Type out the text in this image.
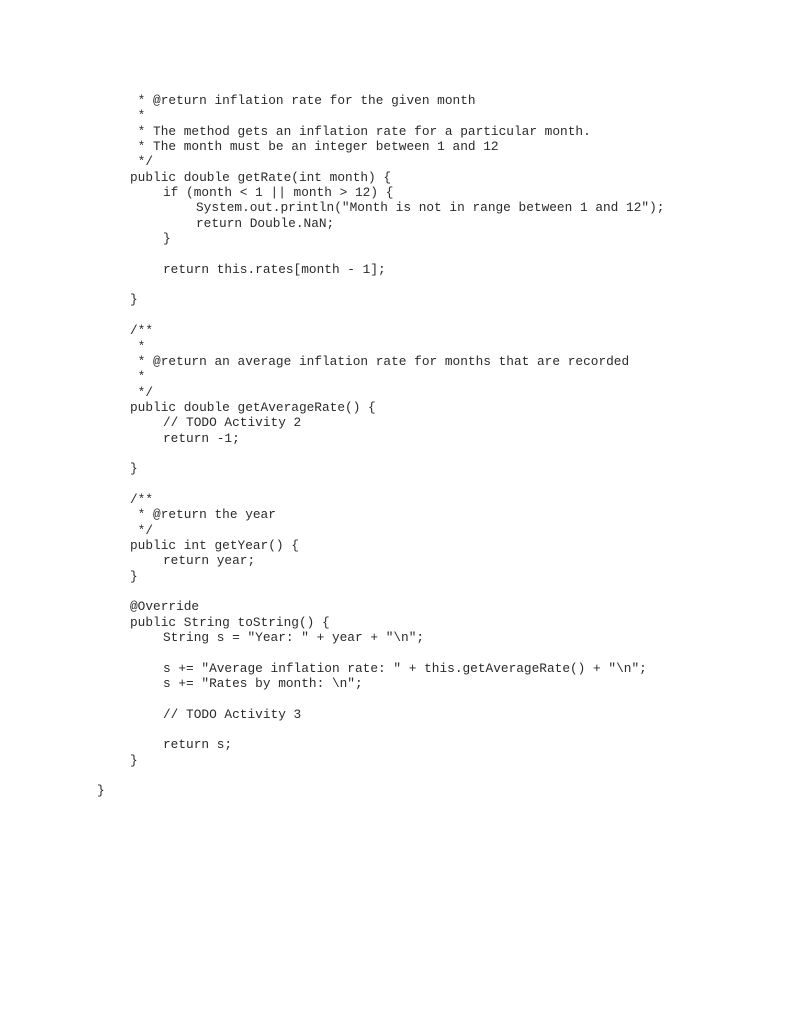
* @return inflation rate for the given month
*
* The method gets an inflation rate for a particular month.
* The month must be an integer between 1 and 12
*/
public double getRate(int month) {
if (month < 1 || month > 12) {
System.out.println("Month is not in range between 1 and 12");
return Double.NaN;
}
return this.rates[month - 1];
}
/**
*
* @return an average inflation rate for months that are recorded
*
*/
public double getAverageRate() {
// TODO Activity 2
return -1;
}
/**
* @return the year
*/
public int getYear() {
return year;
}
@Override
public String toString() {
String s = "Year: " + year + "\n";
s += "Average inflation rate: " + this.getAverageRate() + "\n";
s += "Rates by month: \n";
// TODO Activity 3
return s;
}
}
